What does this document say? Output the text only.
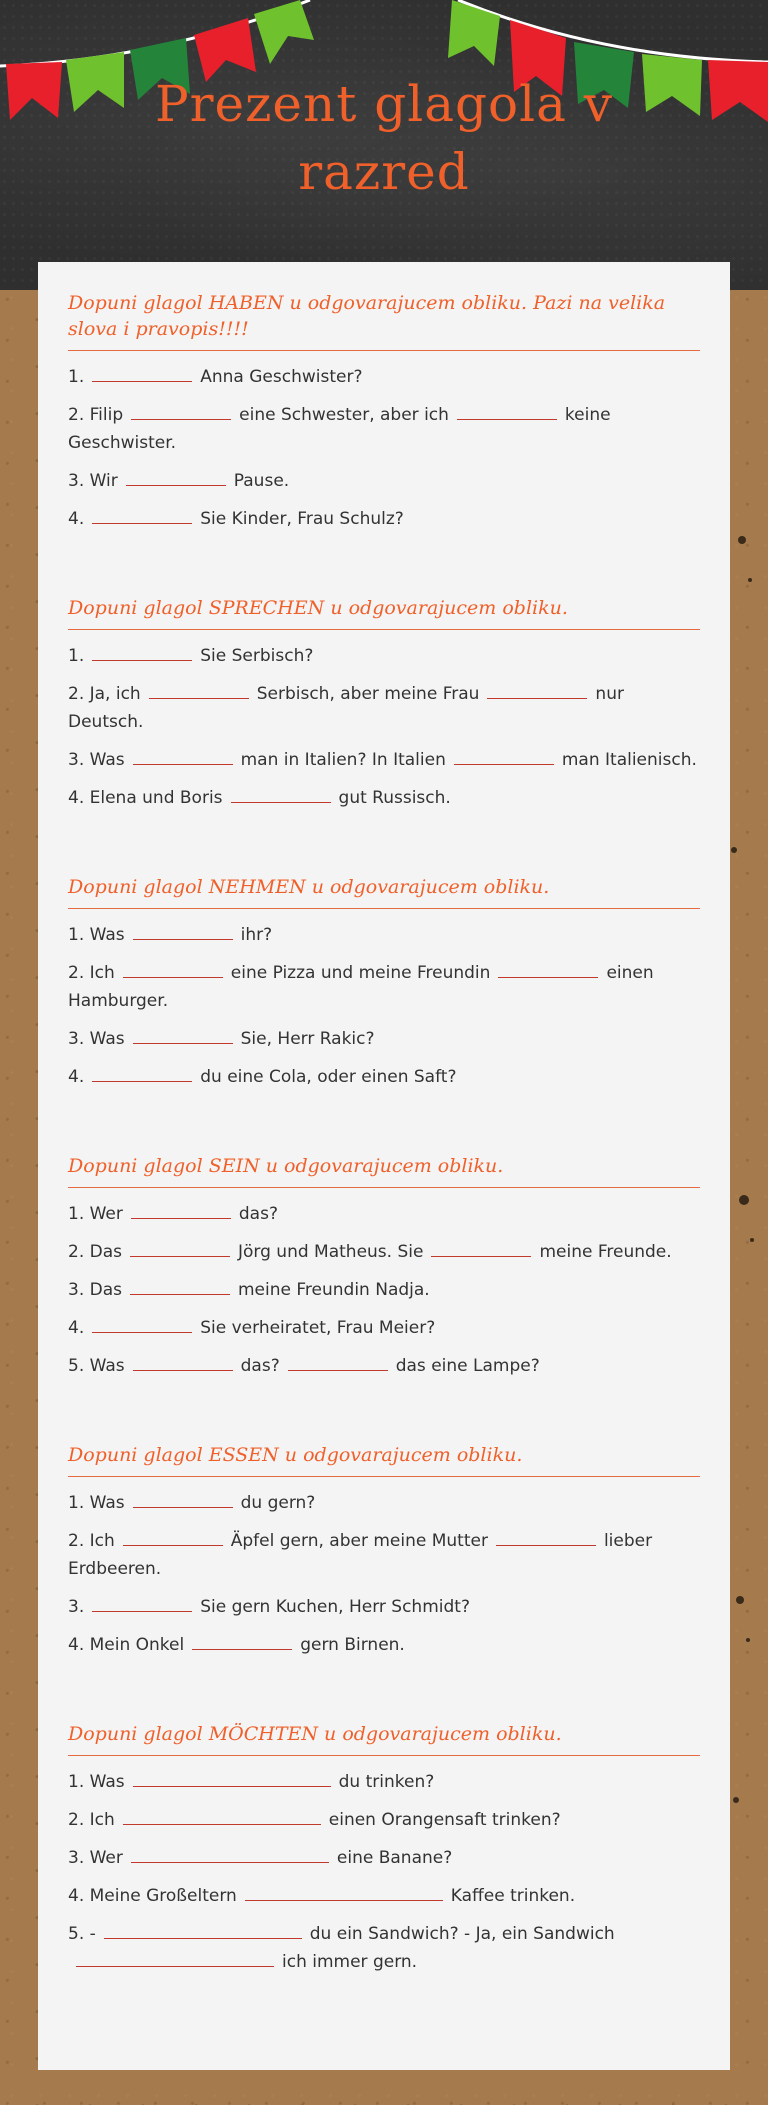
Prezent glagola v
razred
Dopuni glagol HABEN u odgovarajucem obliku. Pazi na velika slova i pravopis!!!!
1.	Anna Geschwister?
2. Filip	eine Schwester, aber ich	keine Geschwister.
3. Wir	Pause.
4.	Sie Kinder, Frau Schulz?
Dopuni glagol SPRECHEN u odgovarajucem obliku.
1.	Sie Serbisch?
2. Ja, ich	Serbisch, aber meine Frau	nur Deutsch.
3. Was	man in Italien? In Italien	man Italienisch.
4. Elena und Boris	gut Russisch.
Dopuni glagol NEHMEN u odgovarajucem obliku.
1. Was	ihr?
2. Ich	eine Pizza und meine Freundin	einen Hamburger.
3. Was	Sie, Herr Rakic?
4.	du eine Cola, oder einen Saft?
Dopuni glagol SEIN u odgovarajucem obliku.
1. Wer	das?
2. Das	Jörg und Matheus. Sie	meine Freunde.
3. Das	meine Freundin Nadja.
4.	Sie verheiratet, Frau Meier?
5. Was	das?	das eine Lampe?
Dopuni glagol ESSEN u odgovarajucem obliku.
1. Was	du gern?
2. Ich	Äpfel gern, aber meine Mutter	lieber Erdbeeren.
3.	Sie gern Kuchen, Herr Schmidt?
4. Mein Onkel	gern Birnen.
Dopuni glagol MÖCHTEN u odgovarajucem obliku.
1. Was	du trinken?
2. Ich	einen Orangensaft trinken?
3. Wer	eine Banane?
4. Meine Großeltern	Kaffee trinken.
5. -	du ein Sandwich? - Ja, ein Sandwichich immer gern.
